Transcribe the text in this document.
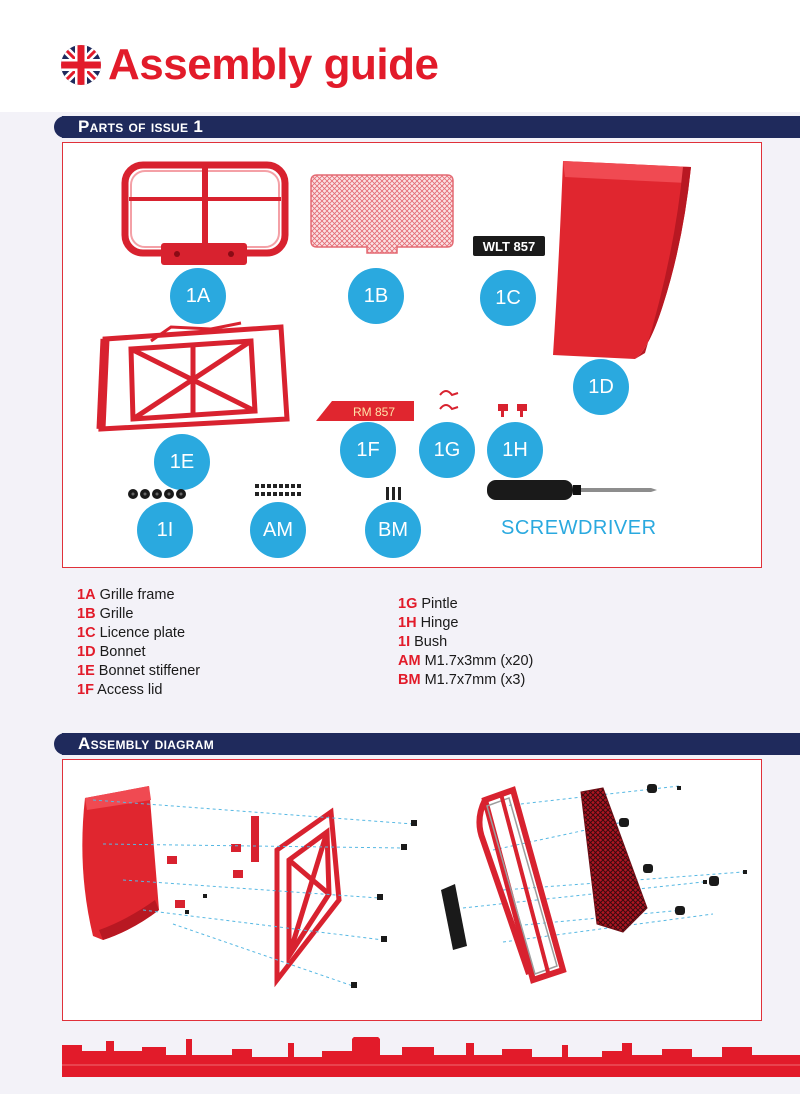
Assembly guide
Parts of issue 1
1A	1B
WLT 857
1C
1D
1E
RM 857
1F	1G	1H
1I	AM	BM	SCREWDRIVER
1A Grille frame
1B Grille
1C Licence plate
1D Bonnet
1E Bonnet stiffener
1F Access lid
1G Pintle
1H Hinge
1I Bush
AM M1.7x3mm (x20)
BM M1.7x7mm (x3)
Assembly diagram
